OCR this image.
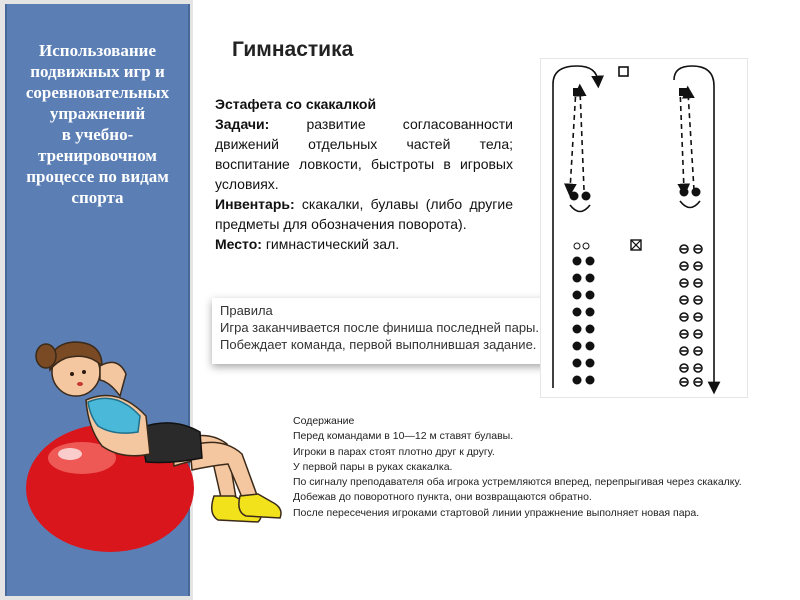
Использование
подвижных игр и
соревновательных
упражнений
в учебно-
тренировочном
процессе по видам
спорта
Гимнастика

Эстафета со скакалкой

Задачи: развитие согласованности движений отдельных частей тела; воспитание ловкости, быстроты в игровых условиях.

Инвентарь: скакалки, булавы (либо другие предметы для обозначения поворота).

Место: гимнастический зал.

Правила
Игра заканчивается после финиша последней пары.
Побеждает команда, первой выполнившая задание.
Содержание
Перед командами в 10—12 м ставят булавы.
Игроки в парах стоят плотно друг к другу.
У первой пары в руках скакалка.
По сигналу преподавателя оба игрока устремляются вперед, перепрыгивая через скакалку.
Добежав до поворотного пункта, они возвращаются обратно.
После пересечения игроками стартовой линии упражнение выполняет новая пара.
